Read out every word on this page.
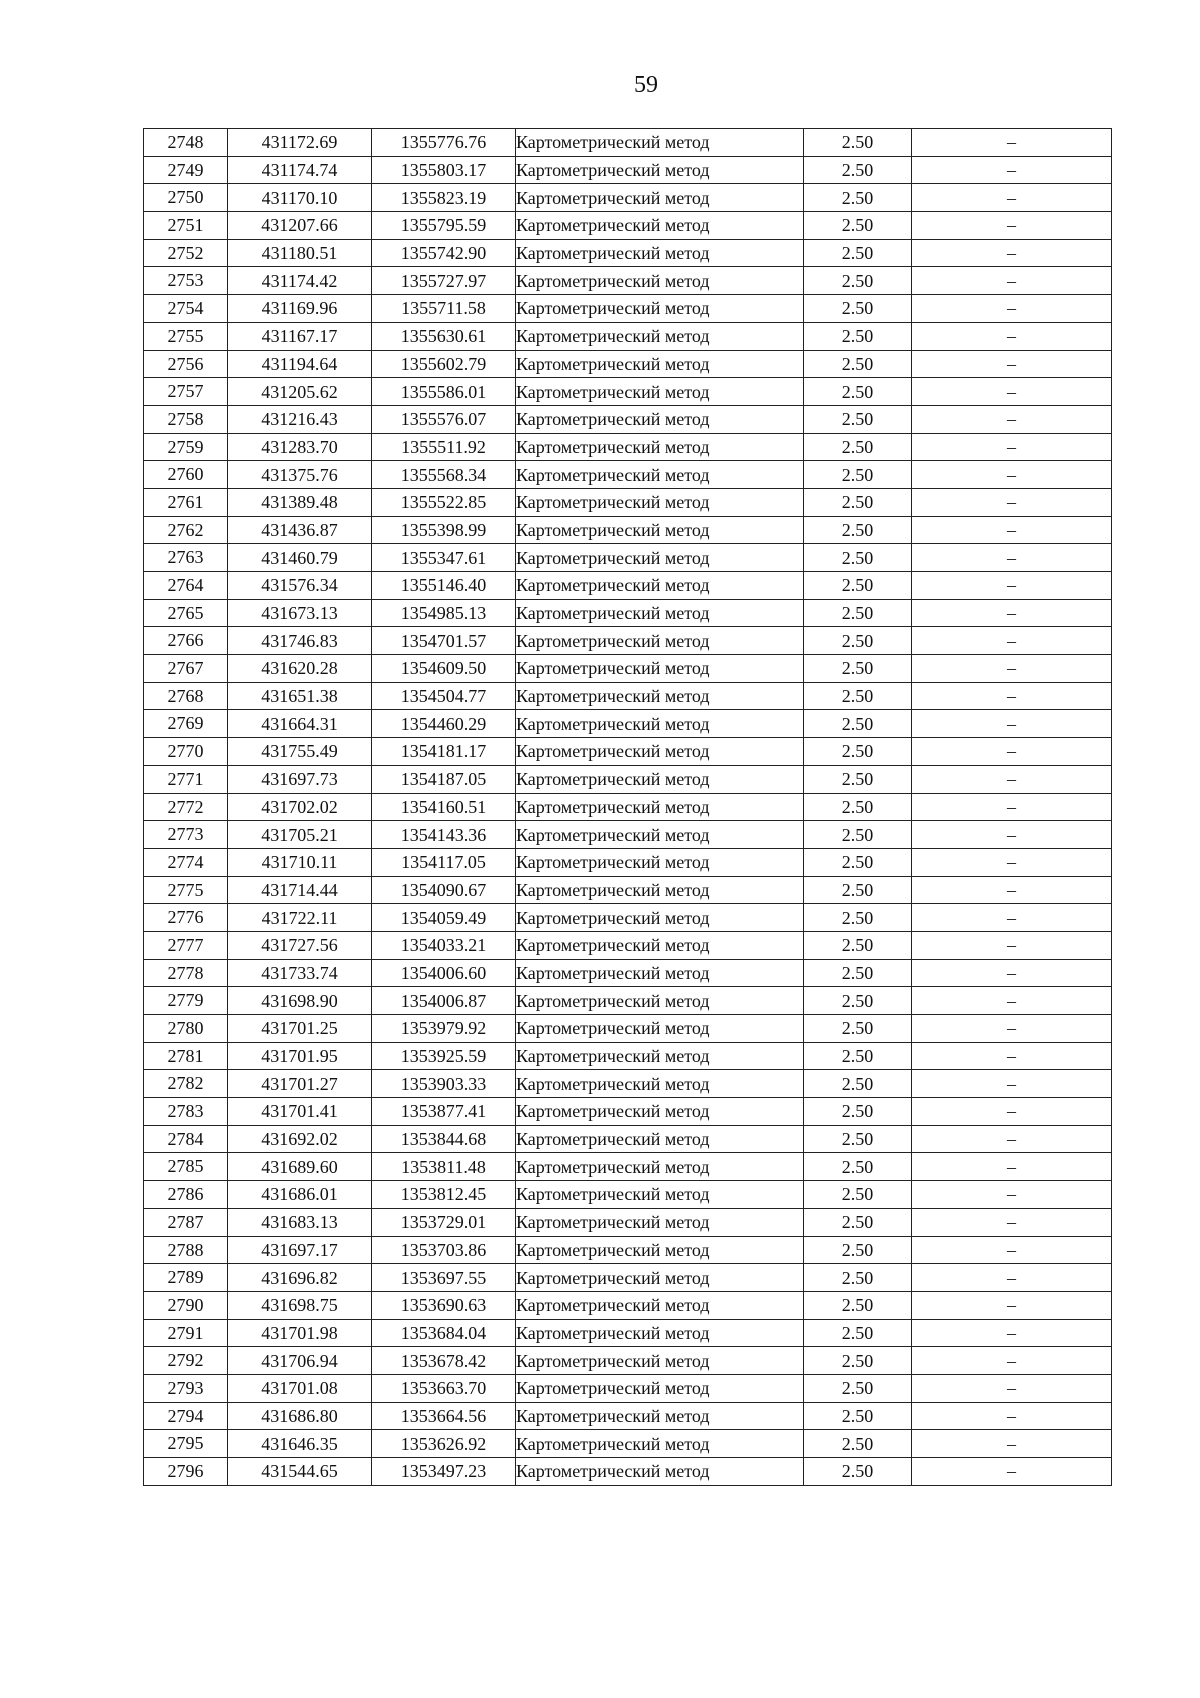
59
2748	431172.69	1355776.76	Картометрический метод	2.50	–
2749	431174.74	1355803.17	Картометрический метод	2.50	–
2750	431170.10	1355823.19	Картометрический метод	2.50	–
2751	431207.66	1355795.59	Картометрический метод	2.50	–
2752	431180.51	1355742.90	Картометрический метод	2.50	–
2753	431174.42	1355727.97	Картометрический метод	2.50	–
2754	431169.96	1355711.58	Картометрический метод	2.50	–
2755	431167.17	1355630.61	Картометрический метод	2.50	–
2756	431194.64	1355602.79	Картометрический метод	2.50	–
2757	431205.62	1355586.01	Картометрический метод	2.50	–
2758	431216.43	1355576.07	Картометрический метод	2.50	–
2759	431283.70	1355511.92	Картометрический метод	2.50	–
2760	431375.76	1355568.34	Картометрический метод	2.50	–
2761	431389.48	1355522.85	Картометрический метод	2.50	–
2762	431436.87	1355398.99	Картометрический метод	2.50	–
2763	431460.79	1355347.61	Картометрический метод	2.50	–
2764	431576.34	1355146.40	Картометрический метод	2.50	–
2765	431673.13	1354985.13	Картометрический метод	2.50	–
2766	431746.83	1354701.57	Картометрический метод	2.50	–
2767	431620.28	1354609.50	Картометрический метод	2.50	–
2768	431651.38	1354504.77	Картометрический метод	2.50	–
2769	431664.31	1354460.29	Картометрический метод	2.50	–
2770	431755.49	1354181.17	Картометрический метод	2.50	–
2771	431697.73	1354187.05	Картометрический метод	2.50	–
2772	431702.02	1354160.51	Картометрический метод	2.50	–
2773	431705.21	1354143.36	Картометрический метод	2.50	–
2774	431710.11	1354117.05	Картометрический метод	2.50	–
2775	431714.44	1354090.67	Картометрический метод	2.50	–
2776	431722.11	1354059.49	Картометрический метод	2.50	–
2777	431727.56	1354033.21	Картометрический метод	2.50	–
2778	431733.74	1354006.60	Картометрический метод	2.50	–
2779	431698.90	1354006.87	Картометрический метод	2.50	–
2780	431701.25	1353979.92	Картометрический метод	2.50	–
2781	431701.95	1353925.59	Картометрический метод	2.50	–
2782	431701.27	1353903.33	Картометрический метод	2.50	–
2783	431701.41	1353877.41	Картометрический метод	2.50	–
2784	431692.02	1353844.68	Картометрический метод	2.50	–
2785	431689.60	1353811.48	Картометрический метод	2.50	–
2786	431686.01	1353812.45	Картометрический метод	2.50	–
2787	431683.13	1353729.01	Картометрический метод	2.50	–
2788	431697.17	1353703.86	Картометрический метод	2.50	–
2789	431696.82	1353697.55	Картометрический метод	2.50	–
2790	431698.75	1353690.63	Картометрический метод	2.50	–
2791	431701.98	1353684.04	Картометрический метод	2.50	–
2792	431706.94	1353678.42	Картометрический метод	2.50	–
2793	431701.08	1353663.70	Картометрический метод	2.50	–
2794	431686.80	1353664.56	Картометрический метод	2.50	–
2795	431646.35	1353626.92	Картометрический метод	2.50	–
2796	431544.65	1353497.23	Картометрический метод	2.50	–
